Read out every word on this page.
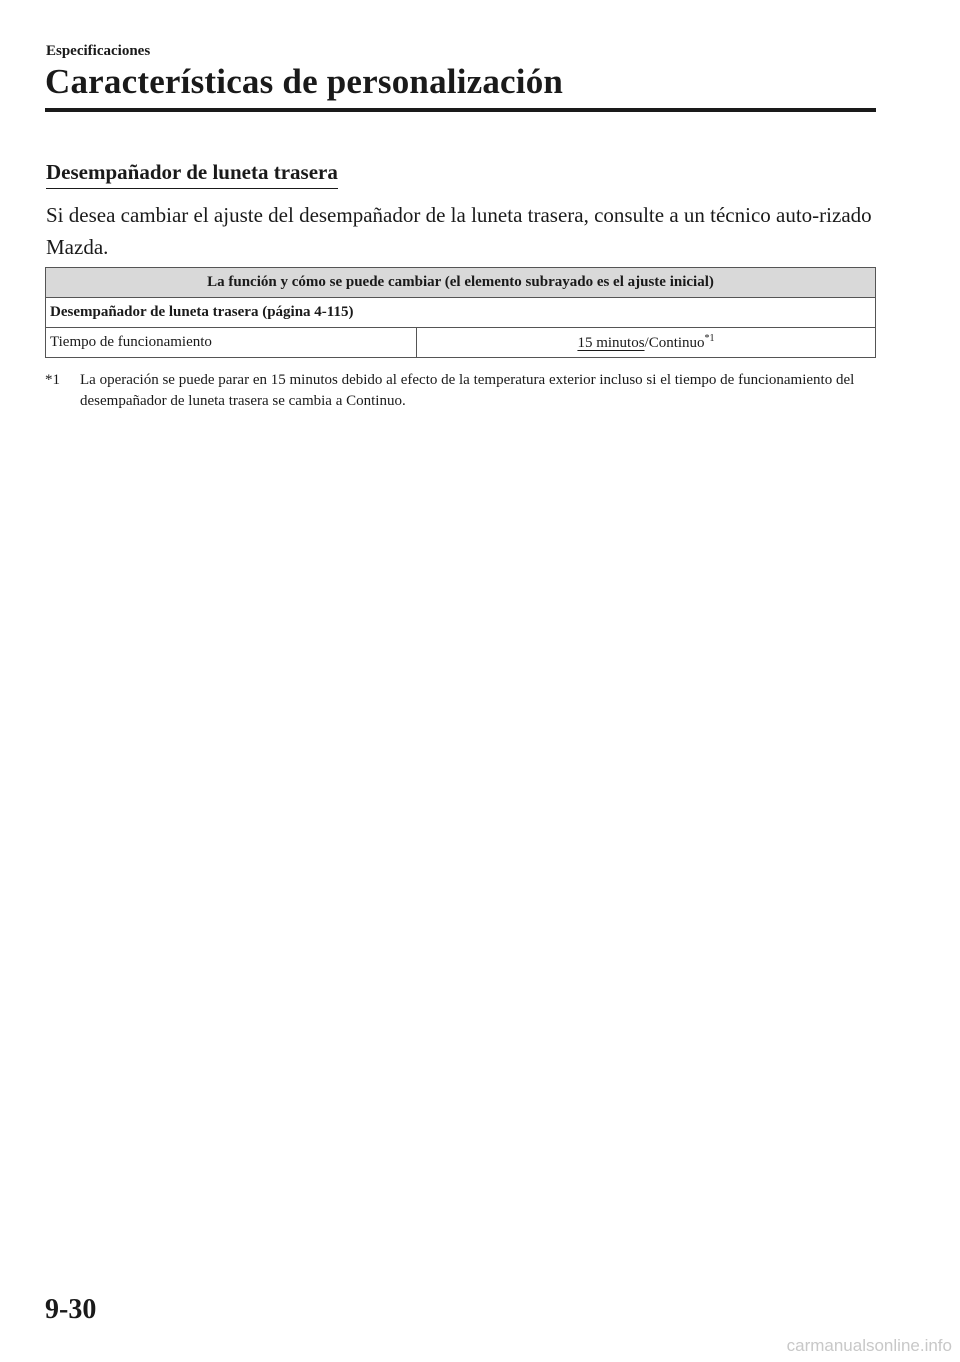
Especificaciones
Características de personalización
Desempañador de luneta trasera
Si desea cambiar el ajuste del desempañador de la luneta trasera, consulte a un técnico auto-rizado Mazda.
La función y cómo se puede cambiar (el elemento subrayado es el ajuste inicial)
Desempañador de luneta trasera (página 4-115)
Tiempo de funcionamiento	15 minutos/Continuo$^{*1}$
*1	La operación se puede parar en 15 minutos debido al efecto de la temperatura exterior incluso si el tiempo de funcionamiento del desempañador de luneta trasera se cambia a Continuo.
9-30
carmanualsonline.info
